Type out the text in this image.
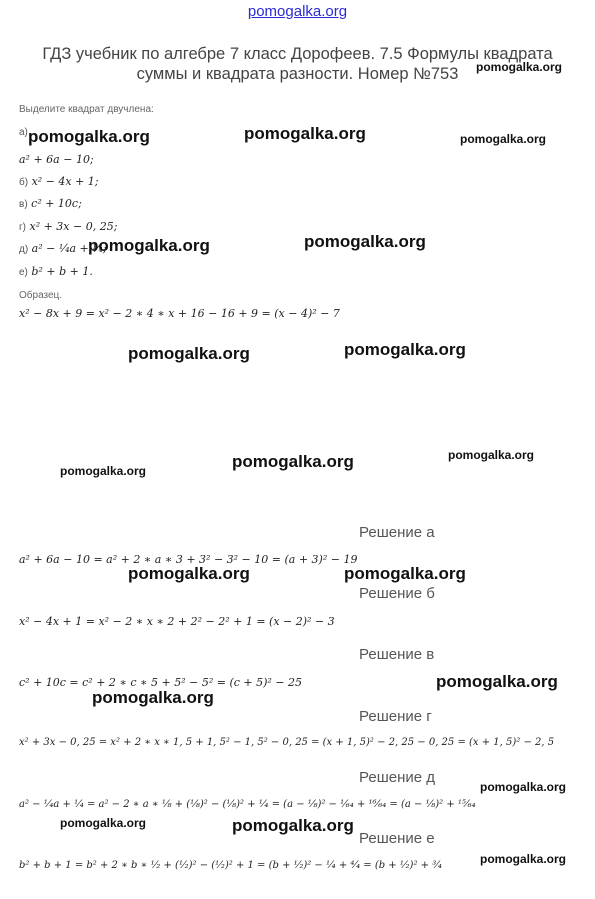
pomogalka.org
ГДЗ учебник по алгебре 7 класс Дорофеев. 7.5 Формулы квадрата суммы и квадрата разности. Номер №753
Выделите квадрат двучлена:
а)
a² + 6a − 10;
б) x² − 4x + 1;
в) c² + 10c;
г) x² + 3x − 0, 25;
д) a² − ¹⁄₄a + ¹⁄₄;
е) b² + b + 1.
Образец.
x² − 8x + 9 = x² − 2 ∗ 4 ∗ x + 16 − 16 + 9 = (x − 4)² − 7
Решение а
a² + 6a − 10 = a² + 2 ∗ a ∗ 3 + 3² − 3² − 10 = (a + 3)² − 19
Решение б
x² − 4x + 1 = x² − 2 ∗ x ∗ 2 + 2² − 2² + 1 = (x − 2)² − 3
Решение в
c² + 10c = c² + 2 ∗ c ∗ 5 + 5² − 5² = (c + 5)² − 25
Решение г
x² + 3x − 0, 25 = x² + 2 ∗ x ∗ 1, 5 + 1, 5² − 1, 5² − 0, 25 = (x + 1, 5)² − 2, 25 − 0, 25 = (x + 1, 5)² − 2, 5
Решение д
a² − ¹⁄₄a + ¹⁄₄ = a² − 2 ∗ a ∗ ¹⁄₈ + (¹⁄₈)² − (¹⁄₈)² + ¹⁄₄ = (a − ¹⁄₈)² − ¹⁄₆₄ + ¹⁶⁄₆₄ = (a − ¹⁄₈)² + ¹⁵⁄₆₄
Решение е
b² + b + 1 = b² + 2 ∗ b ∗ ¹⁄₂ + (¹⁄₂)² − (¹⁄₂)² + 1 = (b + ¹⁄₂)² − ¹⁄₄ + ⁴⁄₄ = (b + ¹⁄₂)² + ³⁄₄
pomogalka.org
pomogalka.org	pomogalka.org	pomogalka.org
pomogalka.org	pomogalka.org
pomogalka.org	pomogalka.org
pomogalka.org	pomogalka.org	pomogalka.org
pomogalka.org	pomogalka.org
pomogalka.org
pomogalka.org
pomogalka.org
pomogalka.org	pomogalka.org
pomogalka.org
